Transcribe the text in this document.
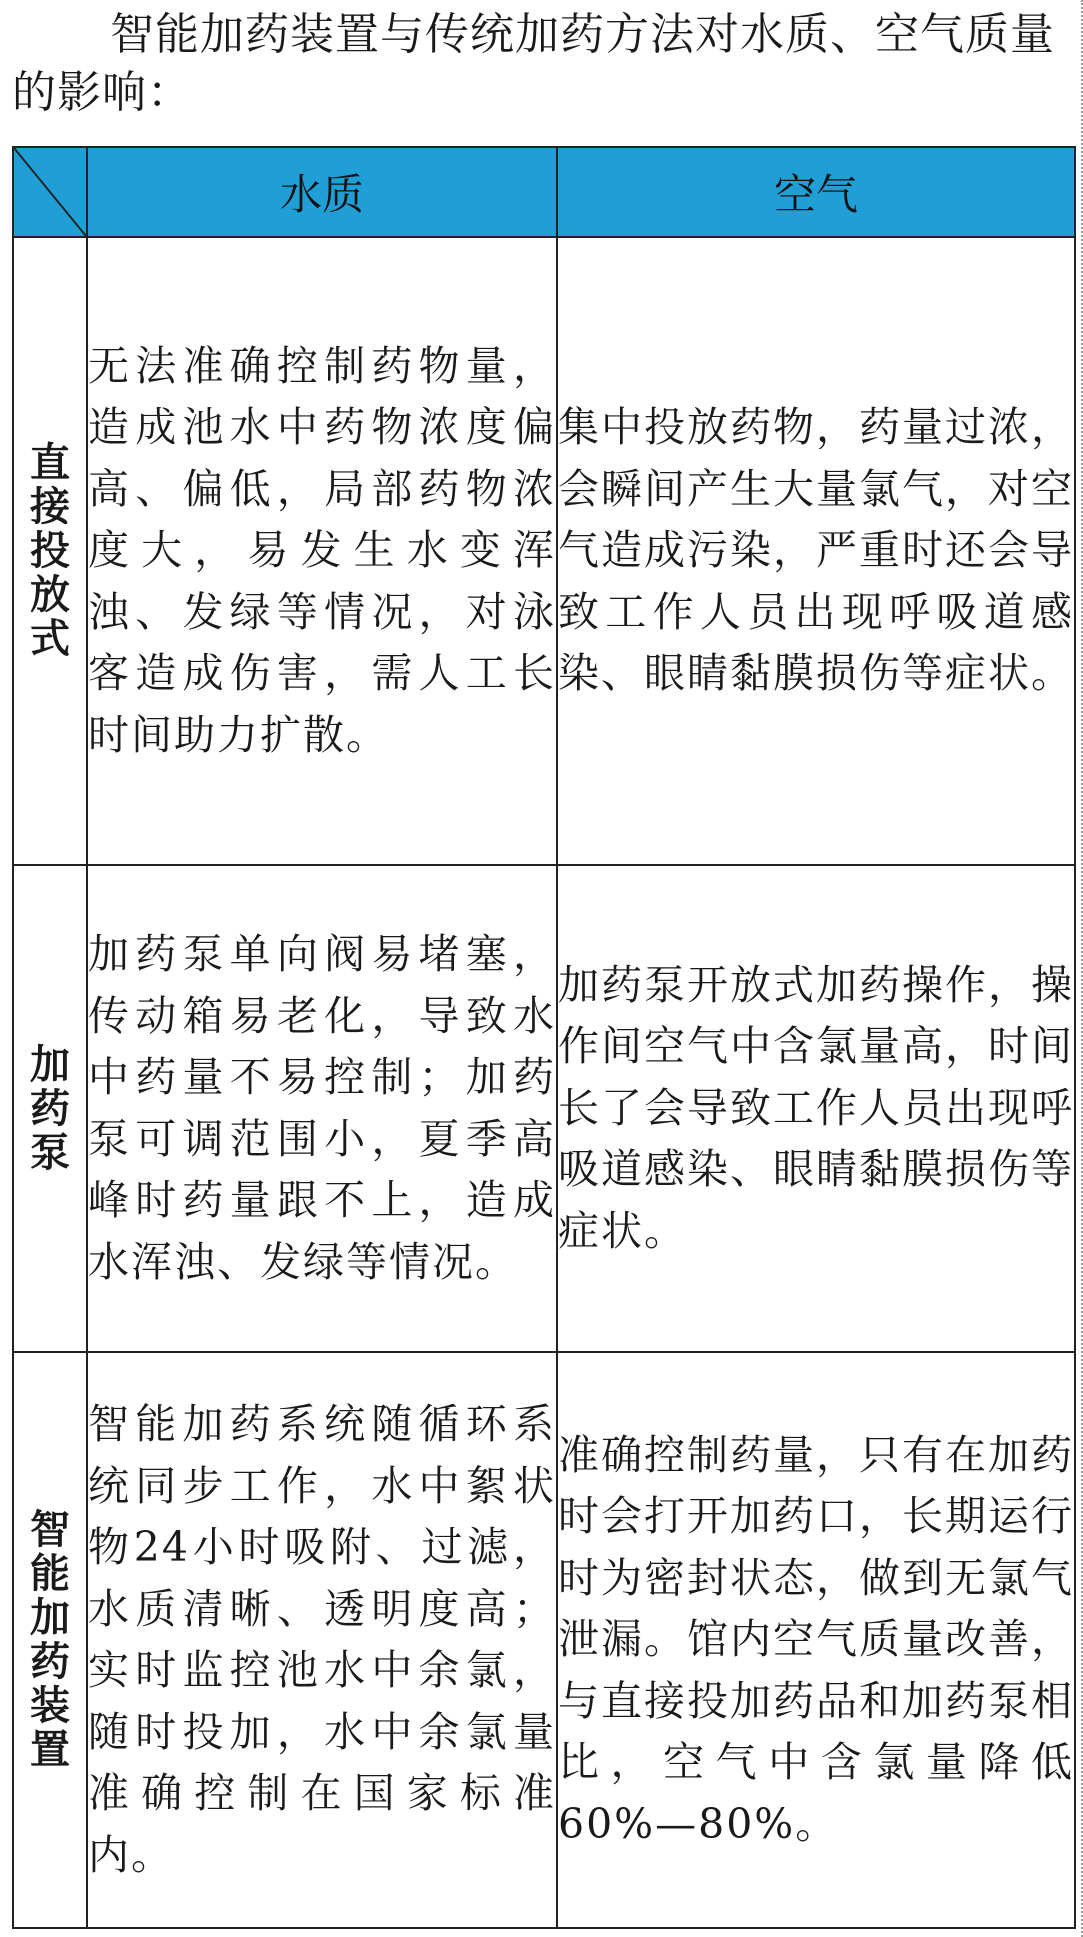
智能加药装置与传统加药方法对水质、空气质量的影响：
	水质	空气

直接投放式	无法准确控制药物量，造成池水中药物浓度偏高、偏低，局部药物浓度大，易发生水变浑浊、发绿等情况，对泳客造成伤害，需人工长时间助力扩散。	集中投放药物，药量过浓，会瞬间产生大量氯气，对空气造成污染，严重时还会导致工作人员出现呼吸道感染、眼睛黏膜损伤等症状。

加药泵	加药泵单向阀易堵塞，传动箱易老化，导致水中药量不易控制；加药泵可调范围小，夏季高峰时药量跟不上，造成水浑浊、发绿等情况。	加药泵开放式加药操作，操作间空气中含氯量高，时间长了会导致工作人员出现呼吸道感染、眼睛黏膜损伤等症状。

智能加药装置	智能加药系统随循环系统同步工作，水中絮状物24小时吸附、过滤，水质清晰、透明度高；实时监控池水中余氯，随时投加，水中余氯量准确控制在国家标准内。	准确控制药量，只有在加药时会打开加药口，长期运行时为密封状态，做到无氯气泄漏。馆内空气质量改善，与直接投加药品和加药泵相比，空气中含氯量降低60%—80%。
